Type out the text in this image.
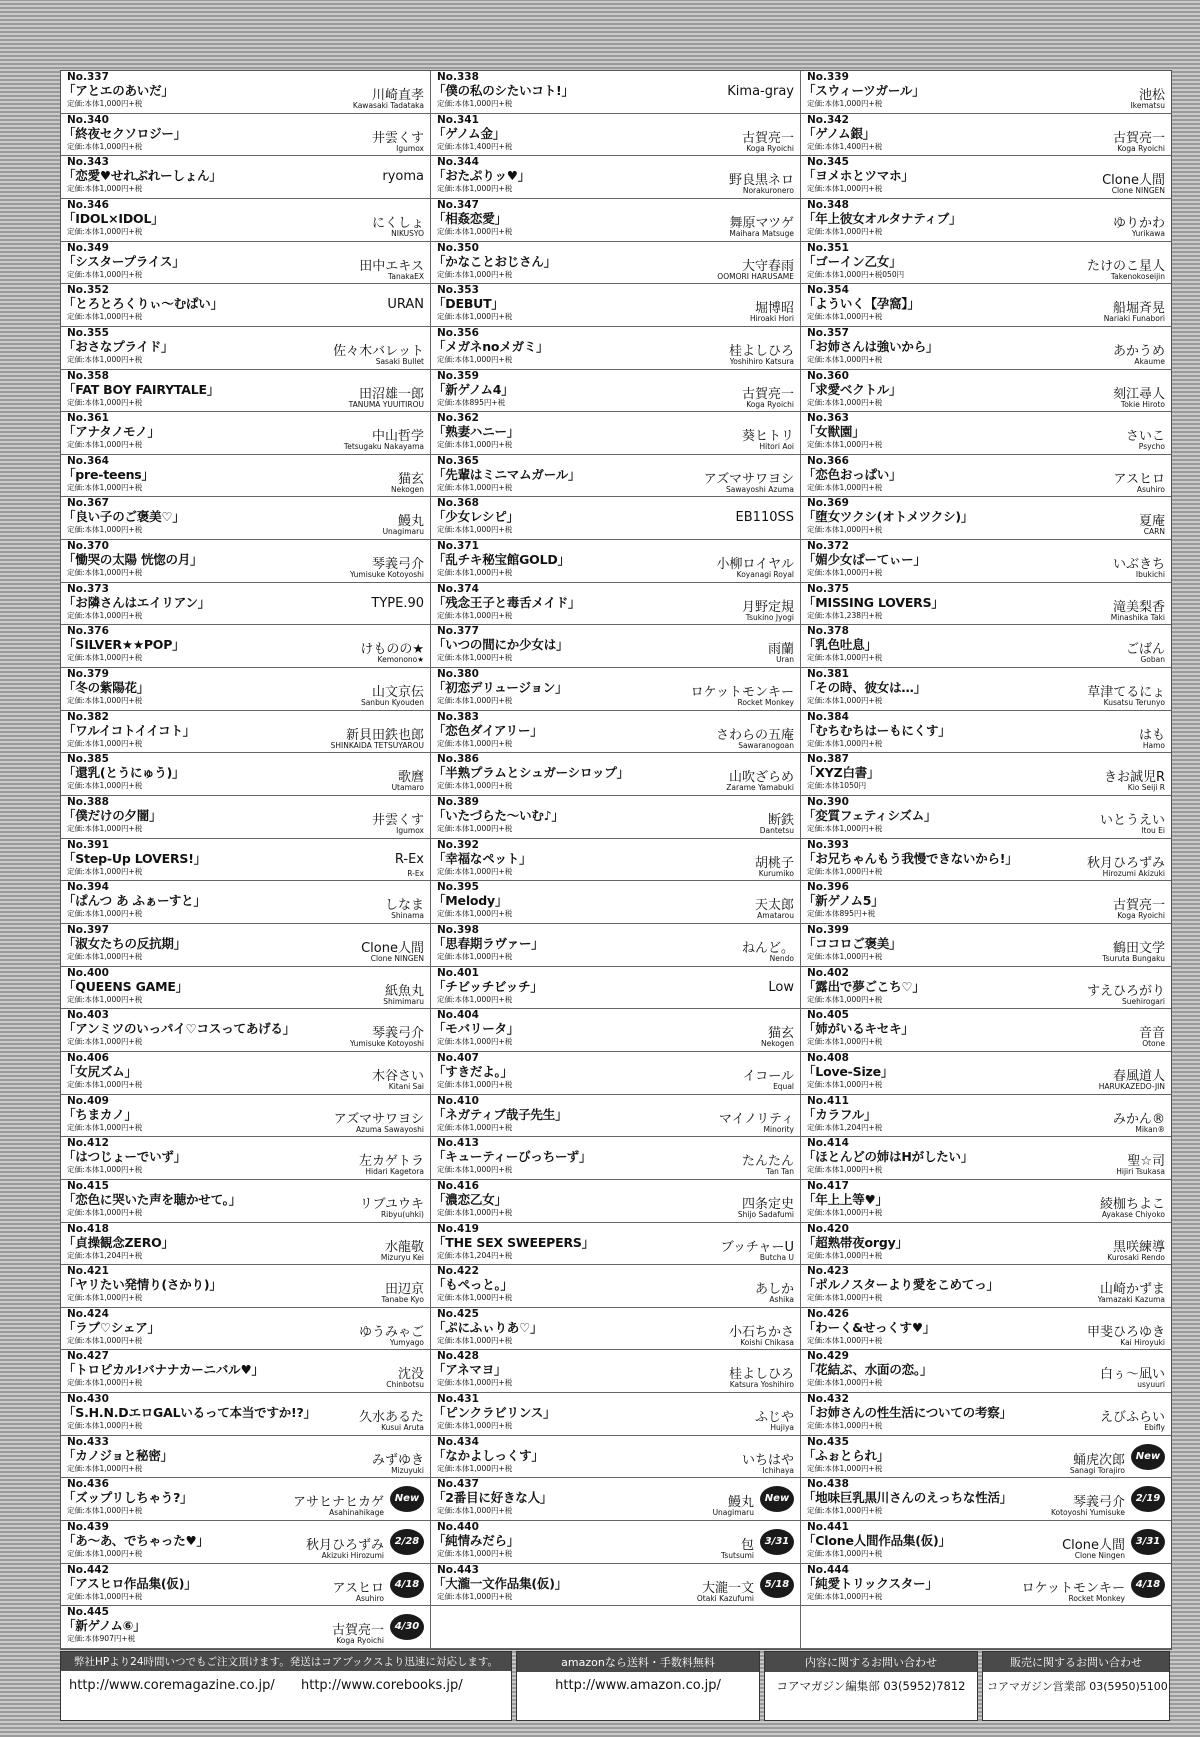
No.337
「アとエのあいだ」
定価:本体1,000円+税
川崎直孝
Kawasaki Tadataka
No.338
「僕の私のシたいコト!」
定価:本体1,000円+税
Kima-gray
No.339
「スウィーツガール」
定価:本体1,000円+税
池松
Ikematsu
No.340
「終夜セクソロジー」
定価:本体1,000円+税
井雲くす
Igumox
No.341
「ゲノム金」
定価:本体1,400円+税
古賀亮一
Koga Ryoichi
No.342
「ゲノム銀」
定価:本体1,400円+税
古賀亮一
Koga Ryoichi
No.343
「恋愛♥せれぶれーしょん」
定価:本体1,000円+税
ryoma
No.344
「おたぷりッ♥」
定価:本体1,000円+税
野良黒ネロ
Norakuronero
No.345
「ヨメホとツマホ」
定価:本体1,000円+税
Clone人間
Clone NINGEN
No.346
「IDOL×IDOL」
定価:本体1,000円+税
にくしょ
NIKUSYO
No.347
「相姦恋愛」
定価:本体1,000円+税
舞原マツゲ
Maihara Matsuge
No.348
「年上彼女オルタナティブ」
定価:本体1,000円+税
ゆりかわ
Yurikawa
No.349
「シスタープライス」
定価:本体1,000円+税
田中エキス
TanakaEX
No.350
「かなことおじさん」
定価:本体1,000円+税
大守春雨
OOMORI HARUSAME
No.351
「ゴーイン乙女」
定価:本体1,000円+税050円
たけのこ星人
Takenokoseijin
No.352
「とろとろくりぃ〜むぱい」
定価:本体1,000円+税
URAN
No.353
「DEBUT」
定価:本体1,000円+税
堀博昭
Hiroaki Hori
No.354
「よういく【孕窩】」
定価:本体1,000円+税
船堀斉晃
Nariaki Funabori
No.355
「おさなプライド」
定価:本体1,000円+税
佐々木バレット
Sasaki Bullet
No.356
「メガネnoメガミ」
定価:本体1,000円+税
桂よしひろ
Yoshihiro Katsura
No.357
「お姉さんは強いから」
定価:本体1,000円+税
あかうめ
Akaume
No.358
「FAT BOY FAIRYTALE」
定価:本体1,000円+税
田沼雄一郎
TANUMA YUUITIROU
No.359
「新ゲノム4」
定価:本体895円+税
古賀亮一
Koga Ryoichi
No.360
「求愛ベクトル」
定価:本体1,000円+税
刻江尋人
Tokie Hiroto
No.361
「アナタノモノ」
定価:本体1,000円+税
中山哲学
Tetsugaku Nakayama
No.362
「熟妻ハニー」
定価:本体1,000円+税
葵ヒトリ
Hitori Aoi
No.363
「女獣園」
定価:本体1,000円+税
さいこ
Psycho
No.364
「pre-teens」
定価:本体1,000円+税
猫玄
Nekogen
No.365
「先輩はミニマムガール」
定価:本体1,000円+税
アズマサワヨシ
Sawayoshi Azuma
No.366
「恋色おっぱい」
定価:本体1,000円+税
アスヒロ
Asuhiro
No.367
「良い子のご褒美♡」
定価:本体1,000円+税
鰻丸
Unagimaru
No.368
「少女レシピ」
定価:本体1,000円+税
EB110SS
No.369
「堕女ツクシ(オトメツクシ)」
定価:本体1,000円+税
夏庵
CARN
No.370
「慟哭の太陽 恍惚の月」
定価:本体1,000円+税
琴義弓介
Yumisuke Kotoyoshi
No.371
「乱チキ秘宝館GOLD」
定価:本体1,000円+税
小柳ロイヤル
Koyanagi Royal
No.372
「媚少女ぱーてぃー」
定価:本体1,000円+税
いぶきち
Ibukichi
No.373
「お隣さんはエイリアン」
定価:本体1,000円+税
TYPE.90
No.374
「残念王子と毒舌メイド」
定価:本体1,000円+税
月野定規
Tsukino Jyogi
No.375
「MISSING LOVERS」
定価:本体1,238円+税
滝美梨香
Minashika Taki
No.376
「SILVER★★POP」
定価:本体1,000円+税
けものの★
Kemonono★
No.377
「いつの間にか少女は」
定価:本体1,000円+税
雨蘭
Uran
No.378
「乳色吐息」
定価:本体1,000円+税
ごばん
Goban
No.379
「冬の紫陽花」
定価:本体1,000円+税
山文京伝
Sanbun Kyouden
No.380
「初恋デリュージョン」
定価:本体1,000円+税
ロケットモンキー
Rocket Monkey
No.381
「その時、彼女は…」
定価:本体1,000円+税
草津てるにょ
Kusatsu Terunyo
No.382
「ワルイコトイイコト」
定価:本体1,000円+税
新貝田鉄也郎
SHINKAIDA TETSUYAROU
No.383
「恋色ダイアリー」
定価:本体1,000円+税
さわらの五庵
Sawaranogoan
No.384
「むちむちはーもにくす」
定価:本体1,000円+税
はも
Hamo
No.385
「還乳(とうにゅう)」
定価:本体1,000円+税
歌麿
Utamaro
No.386
「半熟プラムとシュガーシロップ」
定価:本体1,000円+税
山吹ざらめ
Zarame Yamabuki
No.387
「XYZ白書」
定価:本体1050円
きお誠児R
Kio Seiji R
No.388
「僕だけの夕闇」
定価:本体1,000円+税
井雲くす
Igumox
No.389
「いたづらた〜いむ♪」
定価:本体1,000円+税
断鉄
Dantetsu
No.390
「変質フェティシズム」
定価:本体1,000円+税
いとうえい
Itou Ei
No.391
「Step-Up LOVERS!」
定価:本体1,000円+税
R-Ex
R-Ex
No.392
「幸福なペット」
定価:本体1,000円+税
胡桃子
Kurumiko
No.393
「お兄ちゃんもう我慢できないから!」
定価:本体1,000円+税
秋月ひろずみ
Hirozumi Akizuki
No.394
「ぱんつ あ ふぁーすと」
定価:本体1,000円+税
しなま
Shinama
No.395
「Melody」
定価:本体1,000円+税
天太郎
Amatarou
No.396
「新ゲノム5」
定価:本体895円+税
古賀亮一
Koga Ryoichi
No.397
「淑女たちの反抗期」
定価:本体1,000円+税
Clone人間
Clone NINGEN
No.398
「思春期ラヴァー」
定価:本体1,000円+税
ねんど。
Nendo
No.399
「ココロご褒美」
定価:本体1,000円+税
鶴田文学
Tsuruta Bungaku
No.400
「QUEENS GAME」
定価:本体1,000円+税
紙魚丸
Shimimaru
No.401
「チビッチビッチ」
定価:本体1,000円+税
Low
No.402
「露出で夢ごこち♡」
定価:本体1,000円+税
すえひろがり
Suehirogari
No.403
「アンミツのいっパイ♡コスってあげる」
定価:本体1,000円+税
琴義弓介
Yumisuke Kotoyoshi
No.404
「モバリータ」
定価:本体1,000円+税
猫玄
Nekogen
No.405
「姉がいるキセキ」
定価:本体1,000円+税
音音
Otone
No.406
「女尻ズム」
定価:本体1,000円+税
木谷さい
Kitani Sai
No.407
「すきだよ。」
定価:本体1,000円+税
イコール
Equal
No.408
「Love-Size」
定価:本体1,000円+税
春風道人
HARUKAZEDO-JIN
No.409
「ちまカノ」
定価:本体1,000円+税
アズマサワヨシ
Azuma Sawayoshi
No.410
「ネガティブ哉子先生」
定価:本体1,000円+税
マイノリティ
Minority
No.411
「カラフル」
定価:本体1,204円+税
みかん®
Mikan®
No.412
「はつじょーでいず」
定価:本体1,000円+税
左カゲトラ
Hidari Kagetora
No.413
「キューティーびっちーず」
定価:本体1,000円+税
たんたん
Tan Tan
No.414
「ほとんどの姉はHがしたい」
定価:本体1,000円+税
聖☆司
Hijiri Tsukasa
No.415
「恋色に哭いた声を聴かせて。」
定価:本体1,000円+税
リブユウキ
Ribyu(uhki)
No.416
「濃恋乙女」
定価:本体1,000円+税
四条定史
Shijo Sadafumi
No.417
「年上上等♥」
定価:本体1,000円+税
綾枷ちよこ
Ayakase Chiyoko
No.418
「貞操観念ZERO」
定価:本体1,204円+税
水龍敬
Mizuryu Kei
No.419
「THE SEX SWEEPERS」
定価:本体1,204円+税
ブッチャーU
Butcha U
No.420
「超熟帯夜orgy」
定価:本体1,000円+税
黒咲練導
Kurosaki Rendo
No.421
「ヤリたい発情り(さかり)」
定価:本体1,000円+税
田辺京
Tanabe Kyo
No.422
「もぺっと。」
定価:本体1,000円+税
あしか
Ashika
No.423
「ポルノスターより愛をこめてっ」
定価:本体1,000円+税
山崎かずま
Yamazaki Kazuma
No.424
「ラブ♡シェア」
定価:本体1,000円+税
ゆうみゃご
Yumyago
No.425
「ぷにふぃりあ♡」
定価:本体1,000円+税
小石ちかさ
Koishi Chikasa
No.426
「わーく&せっくす♥」
定価:本体1,000円+税
甲斐ひろゆき
Kai Hiroyuki
No.427
「トロピカル!バナナカーニバル♥」
定価:本体1,000円+税
沈没
Chinbotsu
No.428
「アネマヨ」
定価:本体1,000円+税
桂よしひろ
Katsura Yoshihiro
No.429
「花結ぶ、水面の恋。」
定価:本体1,000円+税
白ぅ〜凪い
usyuuri
No.430
「S.H.N.DエロGALいるって本当ですか!?」
定価:本体1,000円+税
久水あるた
Kusui Aruta
No.431
「ピンクラビリンス」
定価:本体1,000円+税
ふじや
Hujiya
No.432
「お姉さんの性生活についての考察」
定価:本体1,000円+税
えびふらい
Ebifly
No.433
「カノジョと秘密」
定価:本体1,000円+税
みずゆき
Mizuyuki
No.434
「なかよしっくす」
定価:本体1,000円+税
いちはや
Ichihaya
No.435
「ふぉとられ」
定価:本体1,000円+税
蛹虎次郎
Sanagi Torajiro
New
No.436
「ズップリしちゃう?」
定価:本体1,000円+税
アサヒナヒカゲ
Asahinahikage
New
No.437
「2番目に好きな人」
定価:本体1,000円+税
鰻丸
Unagimaru
New
No.438
「地味巨乳黒川さんのえっちな性活」
定価:本体1,000円+税
琴義弓介
Kotoyoshi Yumisuke
2/19
No.439
「あ〜あ、でちゃった♥」
定価:本体1,000円+税
秋月ひろずみ
Akizuki Hirozumi
2/28
No.440
「純情みだら」
定価:本体1,000円+税
包
Tsutsumi
3/31
No.441
「Clone人間作品集(仮)」
定価:本体1,000円+税
Clone人間
Clone Ningen
3/31
No.442
「アスヒロ作品集(仮)」
定価:本体1,000円+税
アスヒロ
Asuhiro
4/18
No.443
「大瀧一文作品集(仮)」
定価:本体1,000円+税
大瀧一文
Otaki Kazufumi
5/18
No.444
「純愛トリックスター」
定価:本体1,000円+税
ロケットモンキー
Rocket Monkey
4/18
No.445
「新ゲノム⑥」
定価:本体907円+税
古賀亮一
Koga Ryoichi
4/30
弊社HPより24時間いつでもご注文頂けます。発送はコアブックスより迅速に対応します。
http://www.coremagazine.co.jp/ http://www.corebooks.jp/
amazonなら送料・手数料無料
http://www.amazon.co.jp/
内容に関するお問い合わせ
コアマガジン編集部 03(5952)7812
販売に関するお問い合わせ
コアマガジン営業部 03(5950)5100
